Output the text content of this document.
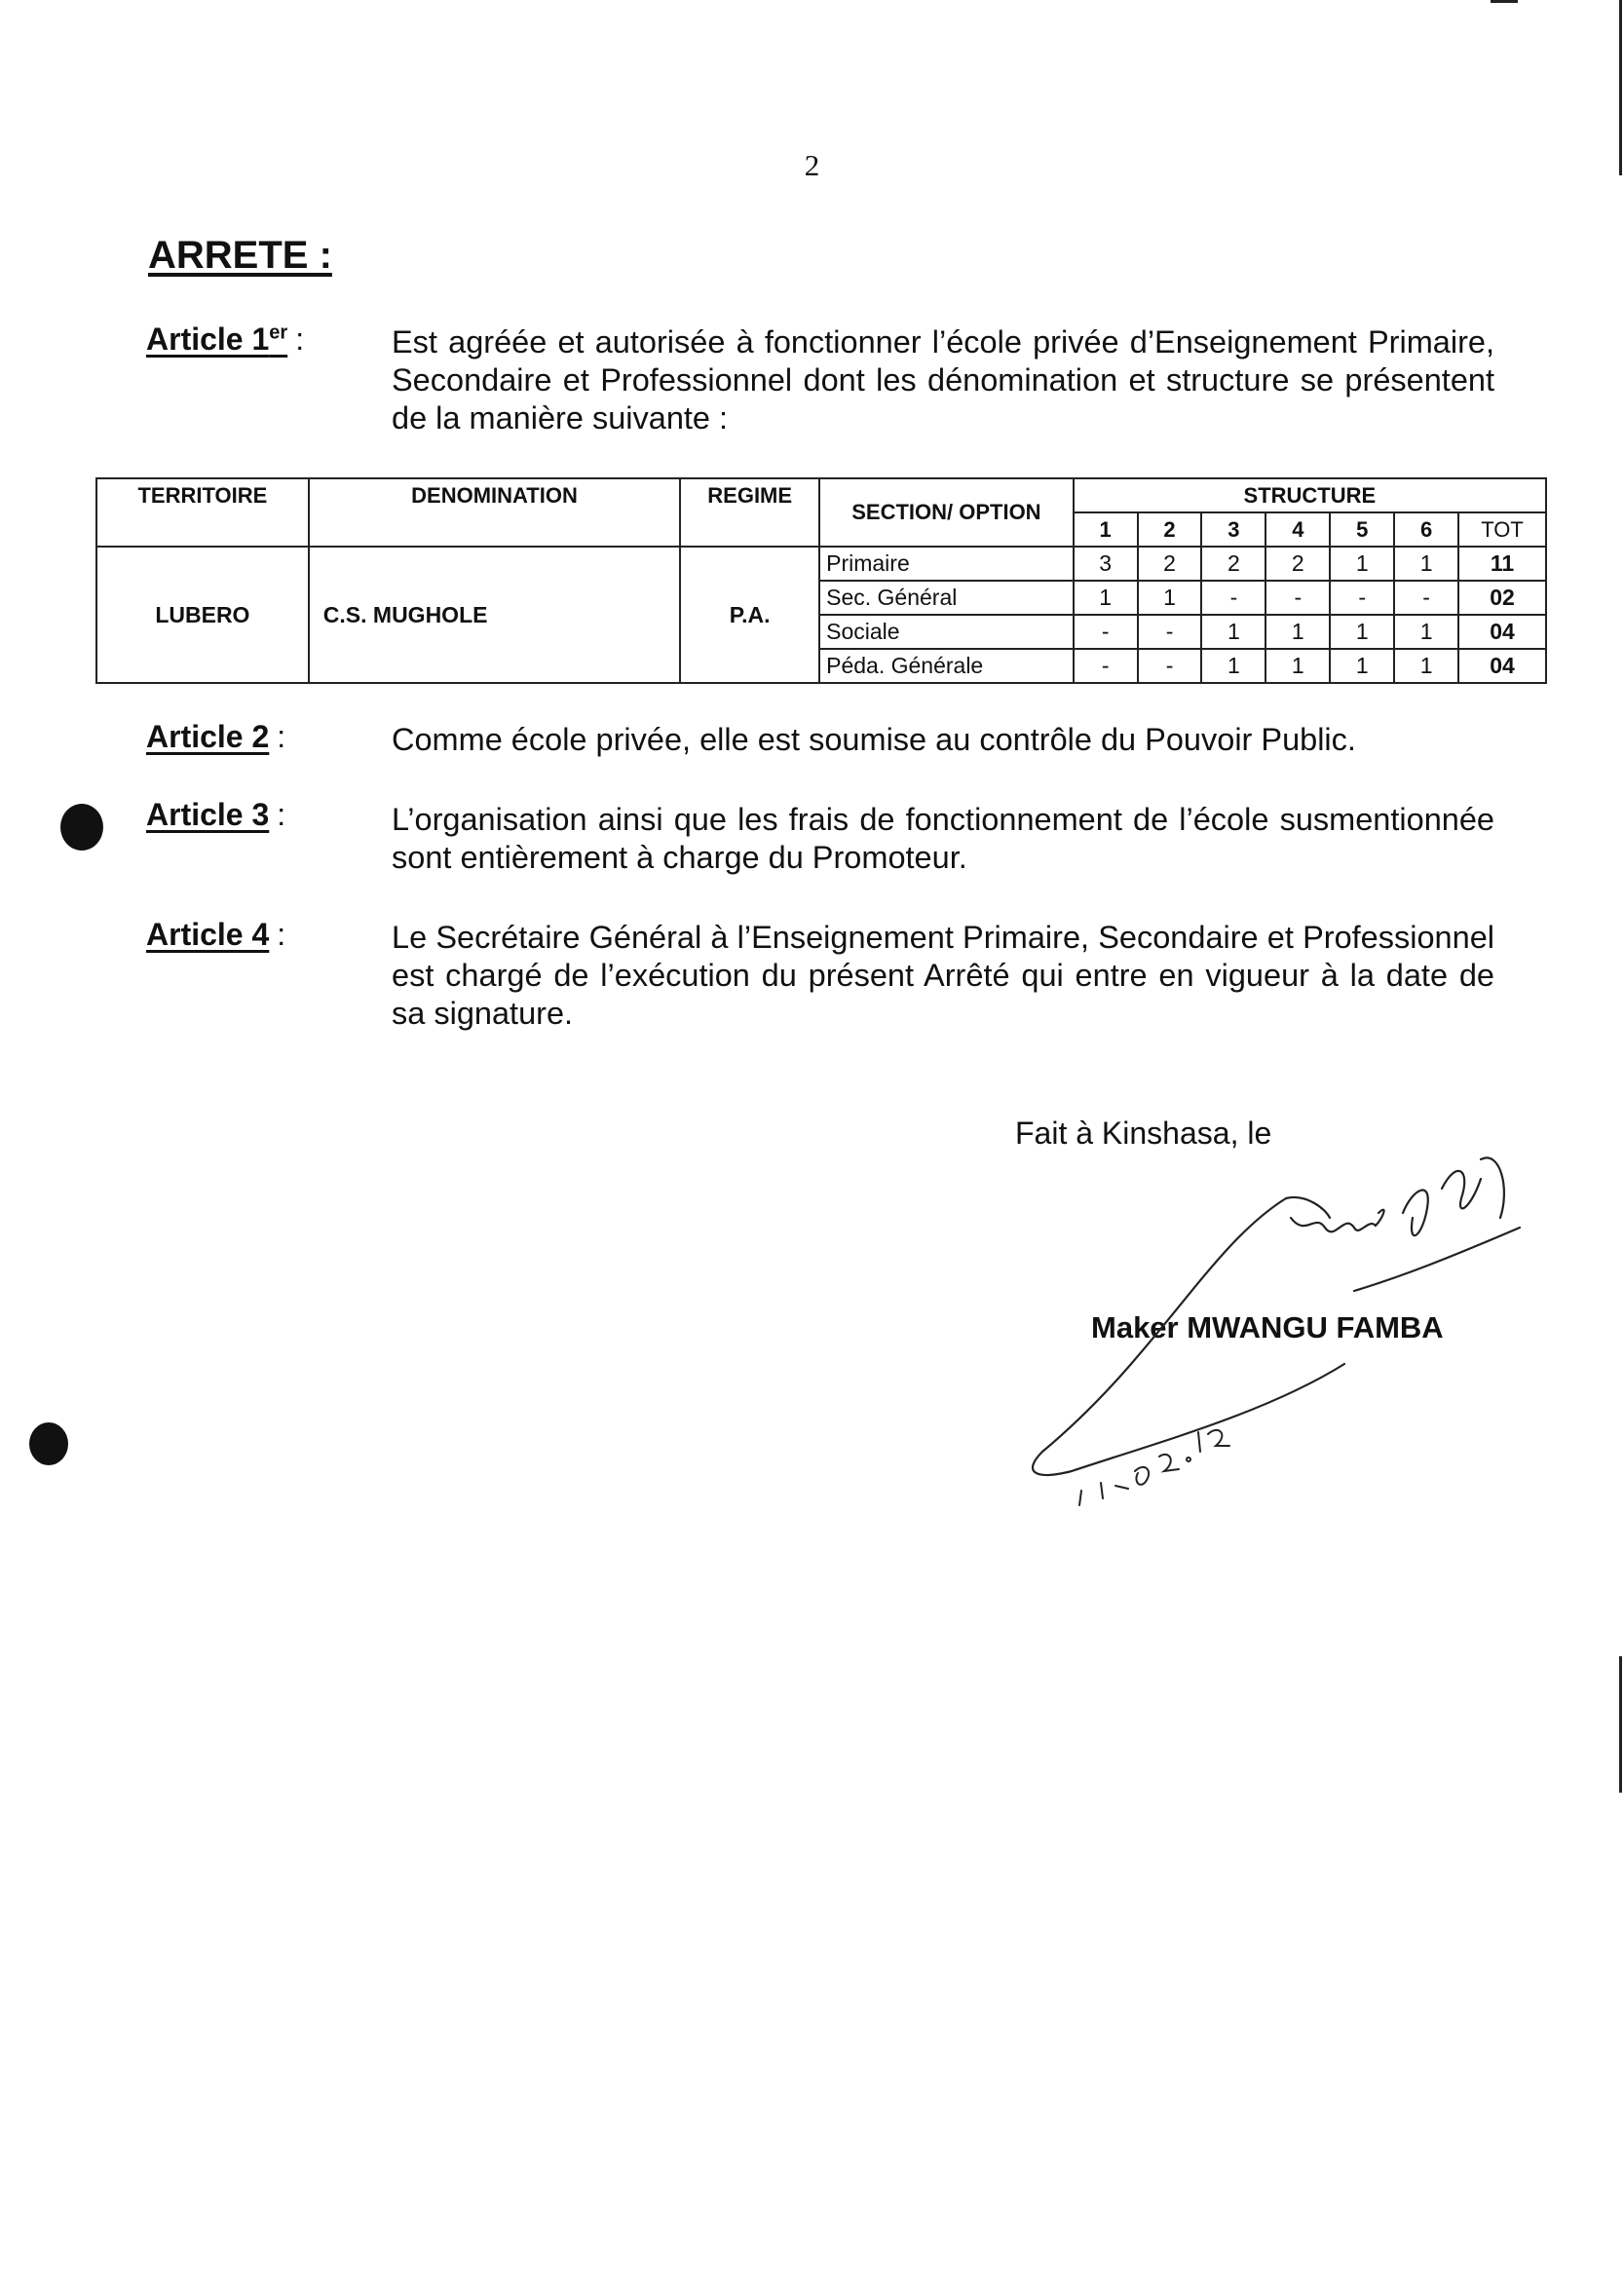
2
ARRETE :
Article 1er :	Est agréée et autorisée à fonctionner l’école privée d’Enseignement Primaire, Secondaire et Professionnel dont les dénomination et structure se présentent de la manière suivante :
TERRITOIRE	DENOMINATION	REGIME	SECTION/ OPTION	STRUCTURE						
				1	2	3	4	5	6	TOT
LUBERO	C.S. MUGHOLE	P.A.	Primaire	3	2	2	2	1	1	11
			Sec. Général	1	1	-	-	-	-	02
			Sociale	-	-	1	1	1	1	04
			Péda. Générale	-	-	1	1	1	1	04
Article 2 :	Comme école privée, elle est soumise au contrôle du Pouvoir Public.
Article 3 :	L’organisation ainsi que les frais de fonctionnement de l’école susmentionnée sont entièrement à charge du Promoteur.
Article 4 :	Le Secrétaire Général à l’Enseignement Primaire, Secondaire et Professionnel est chargé de l’exécution du présent Arrêté qui entre en vigueur à la date de sa signature.
Fait à Kinshasa, le
Maker MWANGU FAMBA
